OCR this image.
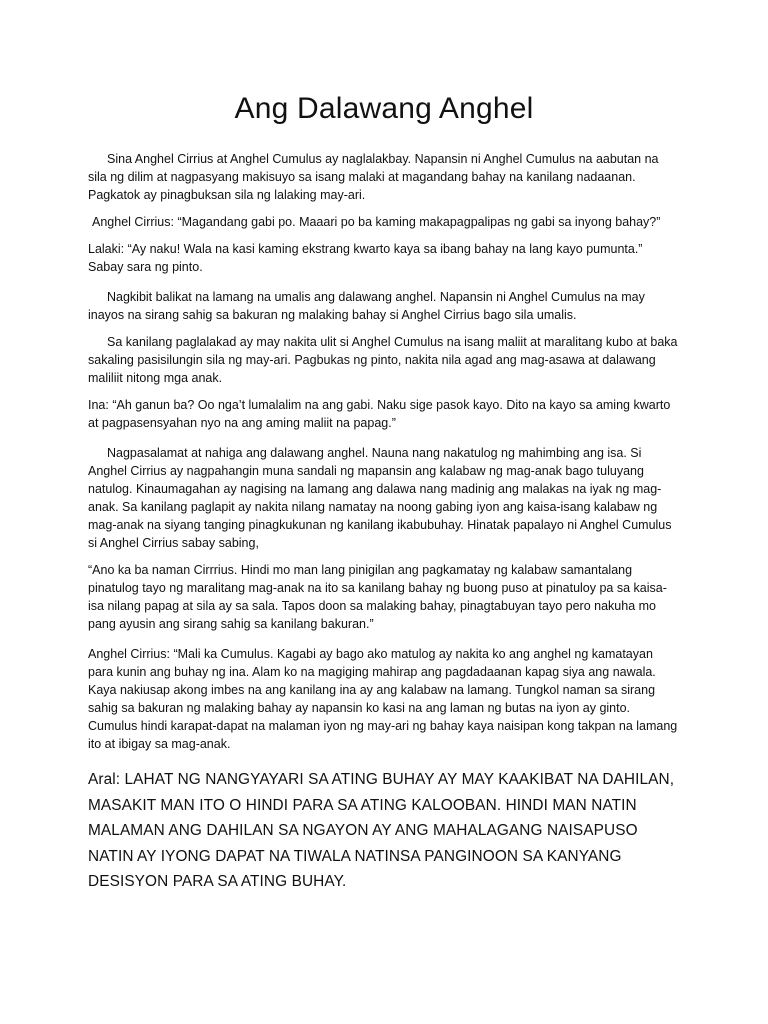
Ang Dalawang Anghel

Sina Anghel Cirrius at Anghel Cumulus ay naglalakbay. Napansin ni Anghel Cumulus na aabutan na sila ng dilim at nagpasyang makisuyo sa isang malaki at magandang bahay na kanilang nadaanan. Pagkatok ay pinagbuksan sila ng lalaking may-ari.

Anghel Cirrius: “Magandang gabi po. Maaari po ba kaming makapagpalipas ng gabi sa inyong bahay?”

Lalaki: “Ay naku! Wala na kasi kaming ekstrang kwarto kaya sa ibang bahay na lang kayo pumunta.” Sabay sara ng pinto.

Nagkibit balikat na lamang na umalis ang dalawang anghel. Napansin ni Anghel Cumulus na may inayos na sirang sahig sa bakuran ng malaking bahay si Anghel Cirrius bago sila umalis.

Sa kanilang paglalakad ay may nakita ulit si Anghel Cumulus na isang maliit at maralitang kubo at baka sakaling pasisilungin sila ng may-ari. Pagbukas ng pinto, nakita nila agad ang mag-asawa at dalawang maliliit nitong mga anak.

Ina: “Ah ganun ba? Oo nga’t lumalalim na ang gabi. Naku sige pasok kayo. Dito na kayo sa aming kwarto at pagpasensyahan nyo na ang aming maliit na papag.”

Nagpasalamat at nahiga ang dalawang anghel. Nauna nang nakatulog ng mahimbing ang isa. Si Anghel Cirrius ay nagpahangin muna sandali ng mapansin ang kalabaw ng mag-anak bago tuluyang natulog. Kinaumagahan ay nagising na lamang ang dalawa nang madinig ang malakas na iyak ng mag-anak. Sa kanilang paglapit ay nakita nilang namatay na noong gabing iyon ang kaisa-isang kalabaw ng mag-anak na siyang tanging pinagkukunan ng kanilang ikabubuhay. Hinatak papalayo ni Anghel Cumulus si Anghel Cirrius sabay sabing,

“Ano ka ba naman Cirrrius. Hindi mo man lang pinigilan ang pagkamatay ng kalabaw samantalang pinatulog tayo ng maralitang mag-anak na ito sa kanilang bahay ng buong puso at pinatuloy pa sa kaisa-isa nilang papag at sila ay sa sala. Tapos doon sa malaking bahay, pinagtabuyan tayo pero nakuha mo pang ayusin ang sirang sahig sa kanilang bakuran.”

Anghel Cirrius: “Mali ka Cumulus. Kagabi ay bago ako matulog ay nakita ko ang anghel ng kamatayan para kunin ang buhay ng ina. Alam ko na magiging mahirap ang pagdadaanan kapag siya ang nawala. Kaya nakiusap akong imbes na ang kanilang ina ay ang kalabaw na lamang. Tungkol naman sa sirang sahig sa bakuran ng malaking bahay ay napansin ko kasi na ang laman ng butas na iyon ay ginto. Cumulus hindi karapat-dapat na malaman iyon ng may-ari ng bahay kaya naisipan kong takpan na lamang ito at ibigay sa mag-anak.

Aral: LAHAT NG NANGYAYARI SA ATING BUHAY AY MAY KAAKIBAT NA DAHILAN, MASAKIT MAN ITO O HINDI PARA SA ATING KALOOBAN. HINDI MAN NATIN MALAMAN ANG DAHILAN SA NGAYON AY ANG MAHALAGANG NAISAPUSO NATIN AY IYONG DAPAT NA TIWALA NATINSA PANGINOON SA KANYANG DESISYON PARA SA ATING BUHAY.
